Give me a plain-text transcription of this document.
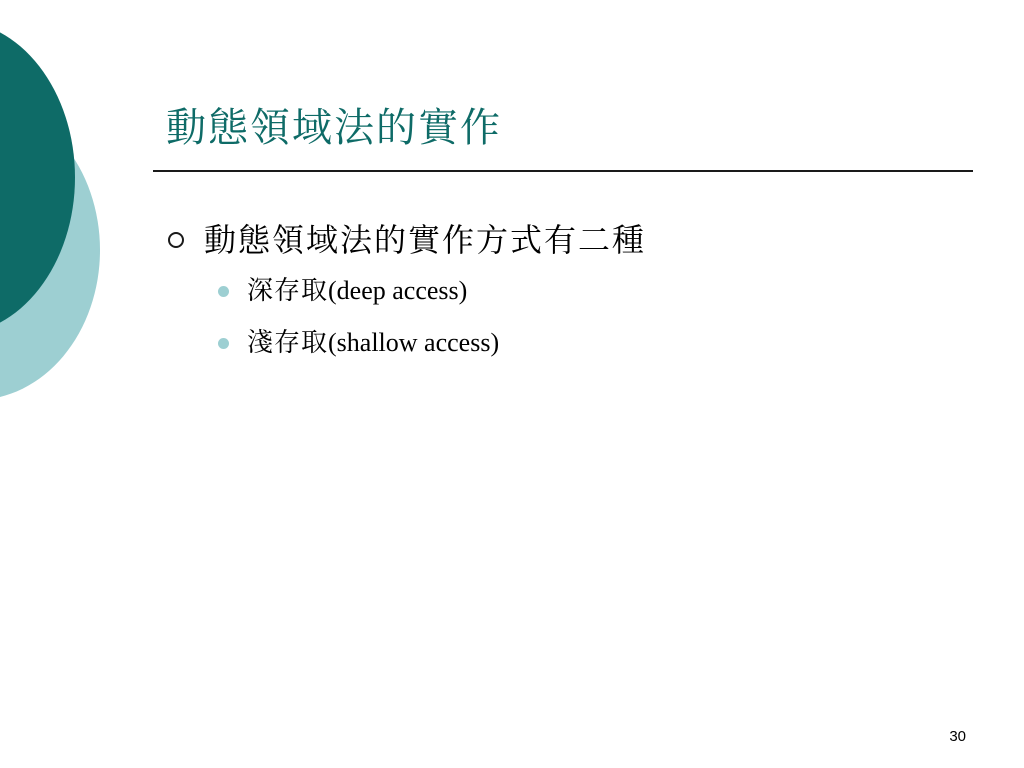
動態領域法的實作
動態領域法的實作方式有二種
深存取(deep access)
淺存取(shallow access)
30
